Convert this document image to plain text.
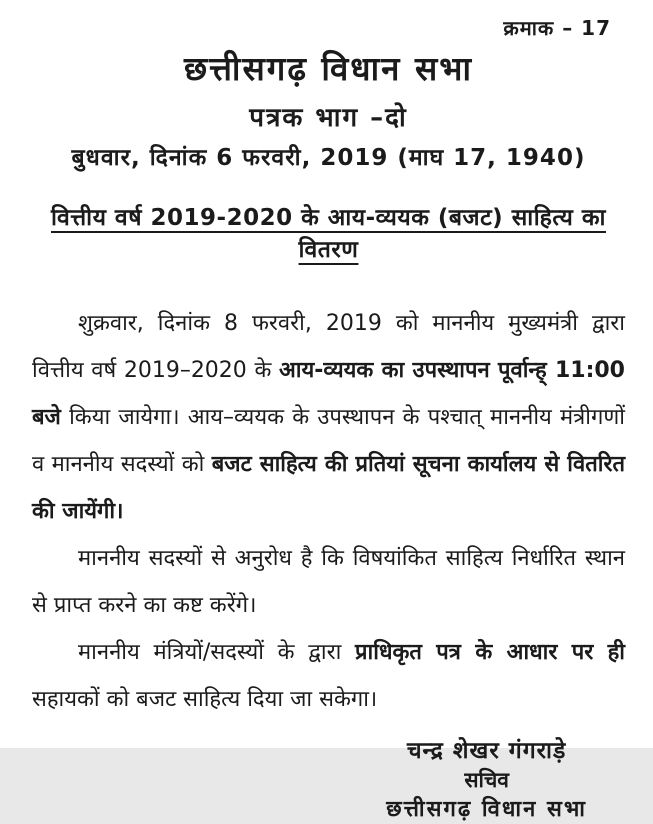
क्रमाक – 17
छत्तीसगढ़ विधान सभा
पत्रक भाग –दो
बुधवार, दिनांक 6 फरवरी, 2019 (माघ 17, 1940)
वित्तीय वर्ष 2019-2020 के आय-व्ययक (बजट) साहित्य का वितरण

शुक्रवार, दिनांक 8 फरवरी, 2019 को माननीय मुख्यमंत्री द्वारा वित्तीय वर्ष 2019–2020 के आय-व्ययक का उपस्थापन पूर्वान्ह् 11:00 बजे किया जायेगा। आय–व्ययक के उपस्थापन के पश्चात् माननीय मंत्रीगणों व माननीय सदस्यों को बजट साहित्य की प्रतियां सूचना कार्यालय से वितरित की जायेंगी।

माननीय सदस्यों से अनुरोध है कि विषयांकित साहित्य निर्धारित स्थान से प्राप्त करने का कष्ट करेंगे।

माननीय मंत्रियों/सदस्यों के द्वारा प्राधिकृत पत्र के आधार पर ही सहायकों को बजट साहित्य दिया जा सकेगा।

चन्द्र शेखर गंगराड़े
सचिव
छत्तीसगढ़ विधान सभा
